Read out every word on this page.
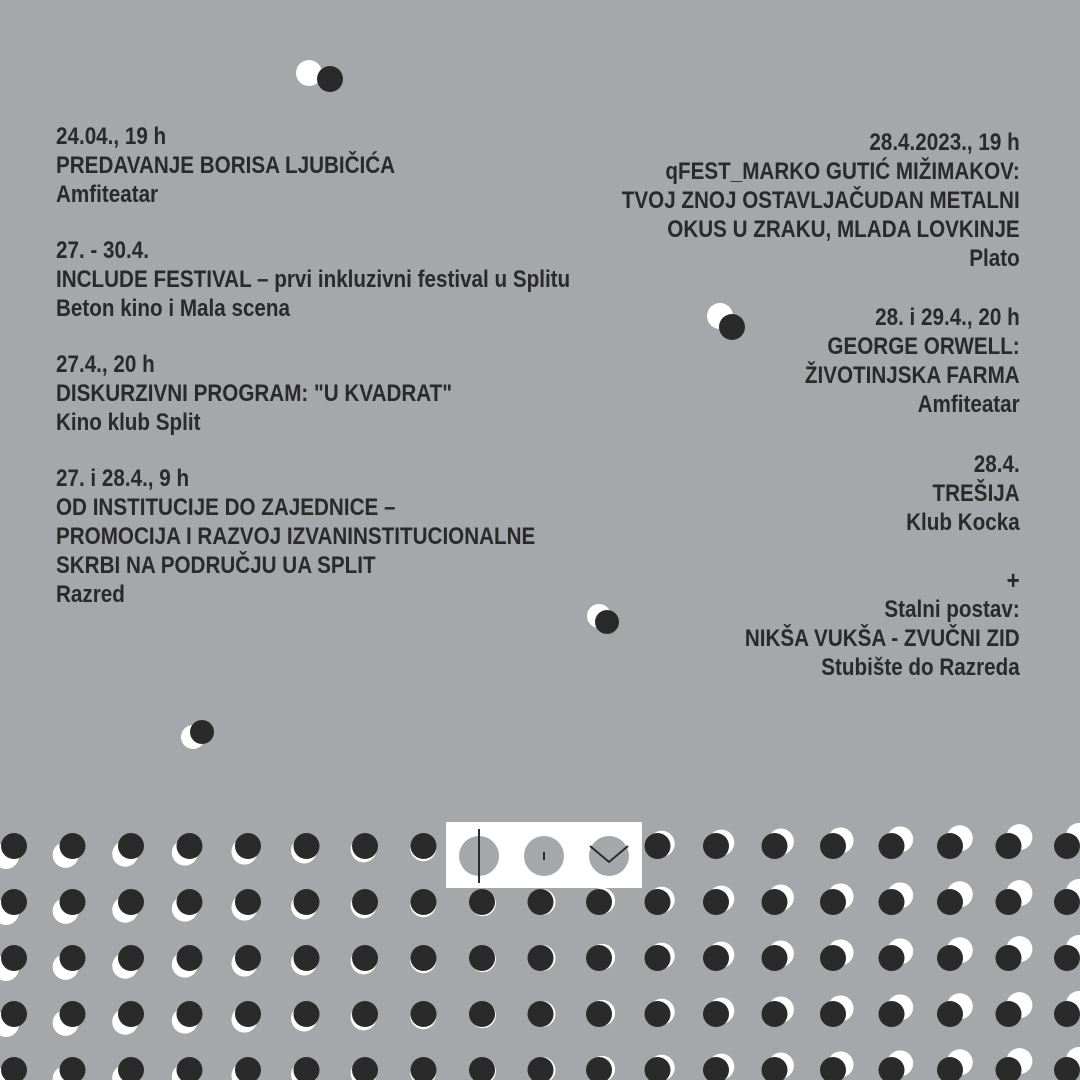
24.04., 19 h
PREDAVANJE BORISA LJUBIČIĆA
Amfiteatar
27. - 30.4.
INCLUDE FESTIVAL – prvi inkluzivni festival u Splitu
Beton kino i Mala scena
27.4., 20 h
DISKURZIVNI PROGRAM: "U KVADRAT"
Kino klub Split
27. i 28.4., 9 h
OD INSTITUCIJE DO ZAJEDNICE –
PROMOCIJA I RAZVOJ IZVANINSTITUCIONALNE
SKRBI NA PODRUČJU UA SPLIT
Razred
28.4.2023., 19 h
qFEST_MARKO GUTIĆ MIŽIMAKOV:
TVOJ ZNOJ OSTAVLJAČUDAN METALNI
OKUS U ZRAKU, MLADA LOVKINJE
Plato
28. i 29.4., 20 h
GEORGE ORWELL:
ŽIVOTINJSKA FARMA
Amfiteatar
28.4.
TREŠIJA
Klub Kocka
+
Stalni postav:
NIKŠA VUKŠA - ZVUČNI ZID
Stubište do Razreda
